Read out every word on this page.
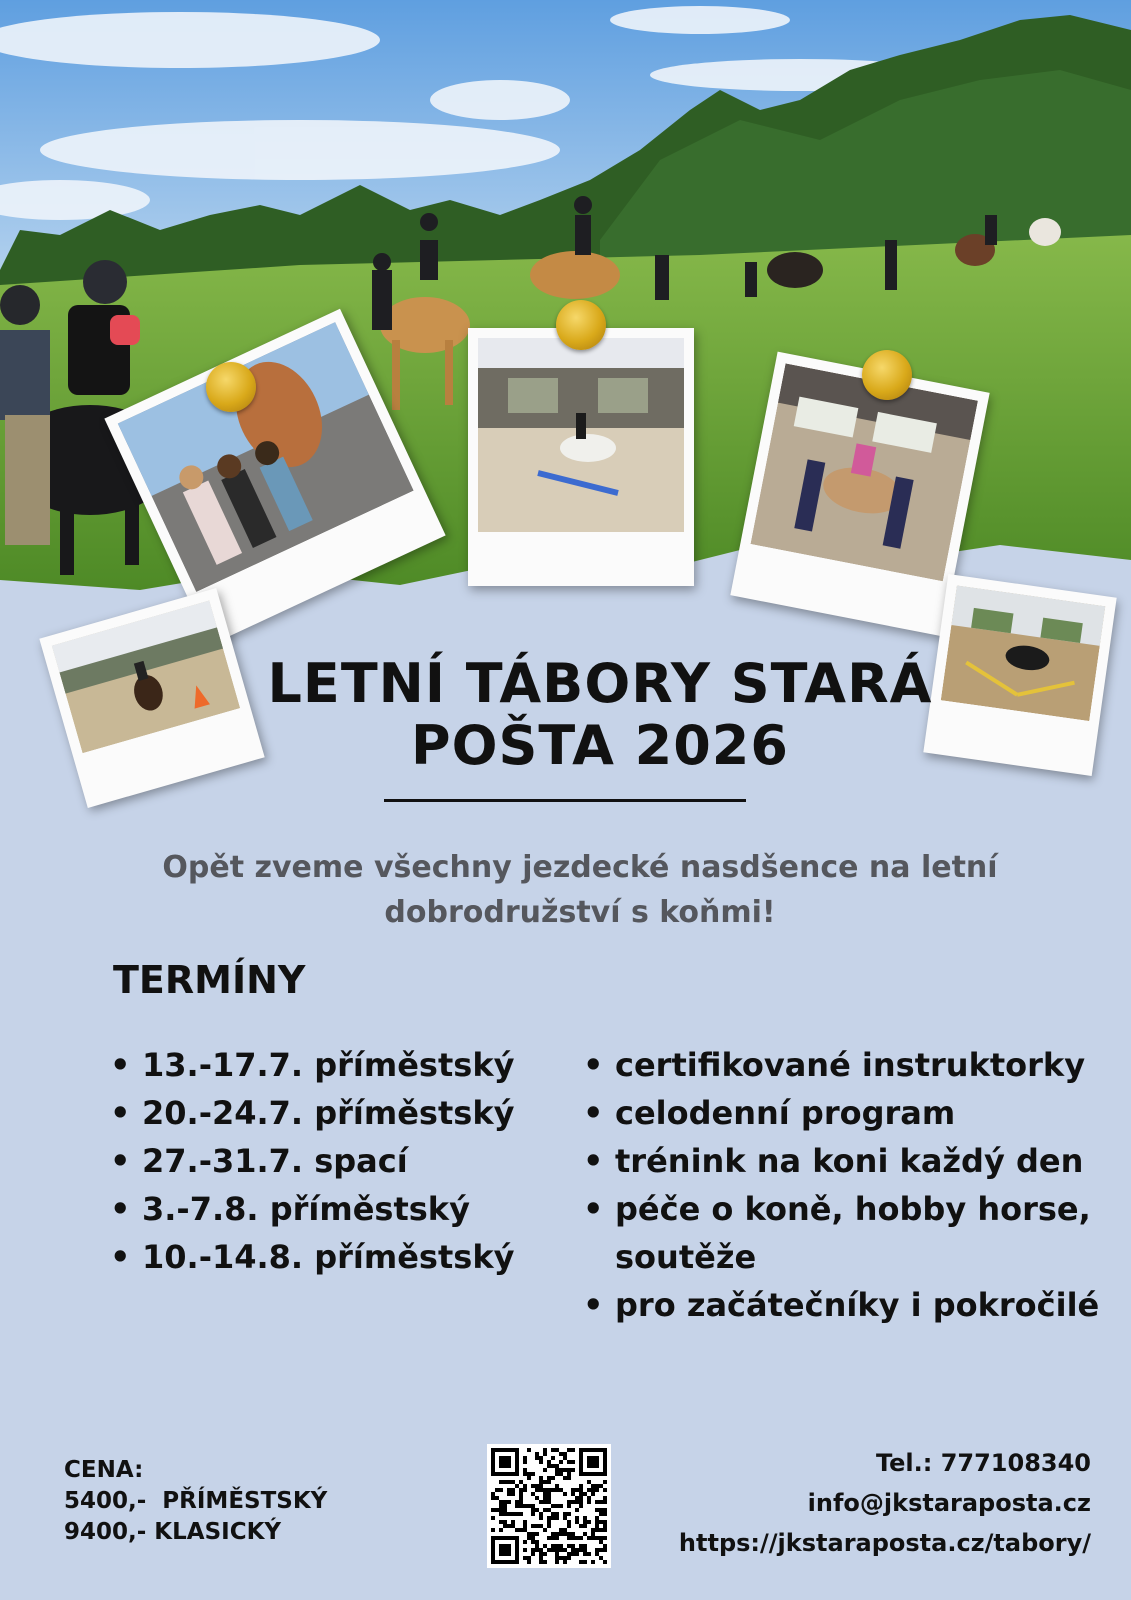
LETNÍ TÁBORY STARÁ POŠTA 2026
Opět zveme všechny jezdecké nasdšence na letní dobrodružství s koňmi!
TERMÍNY
• 13.-17.7. příměstský
• 20.-24.7. příměstský
• 27.-31.7. spací
• 3.-7.8. příměstský
• 10.-14.8. příměstský
• certifikované instruktorky
• celodenní program
• trénink na koni každý den
• péče o koně, hobby horse, soutěže
• pro začátečníky i pokročilé
CENA:
5400,-  PŘÍMĚSTSKÝ
9400,- KLASICKÝ
Tel.: 777108340
info@jkstaraposta.cz
https://jkstaraposta.cz/tabory/
